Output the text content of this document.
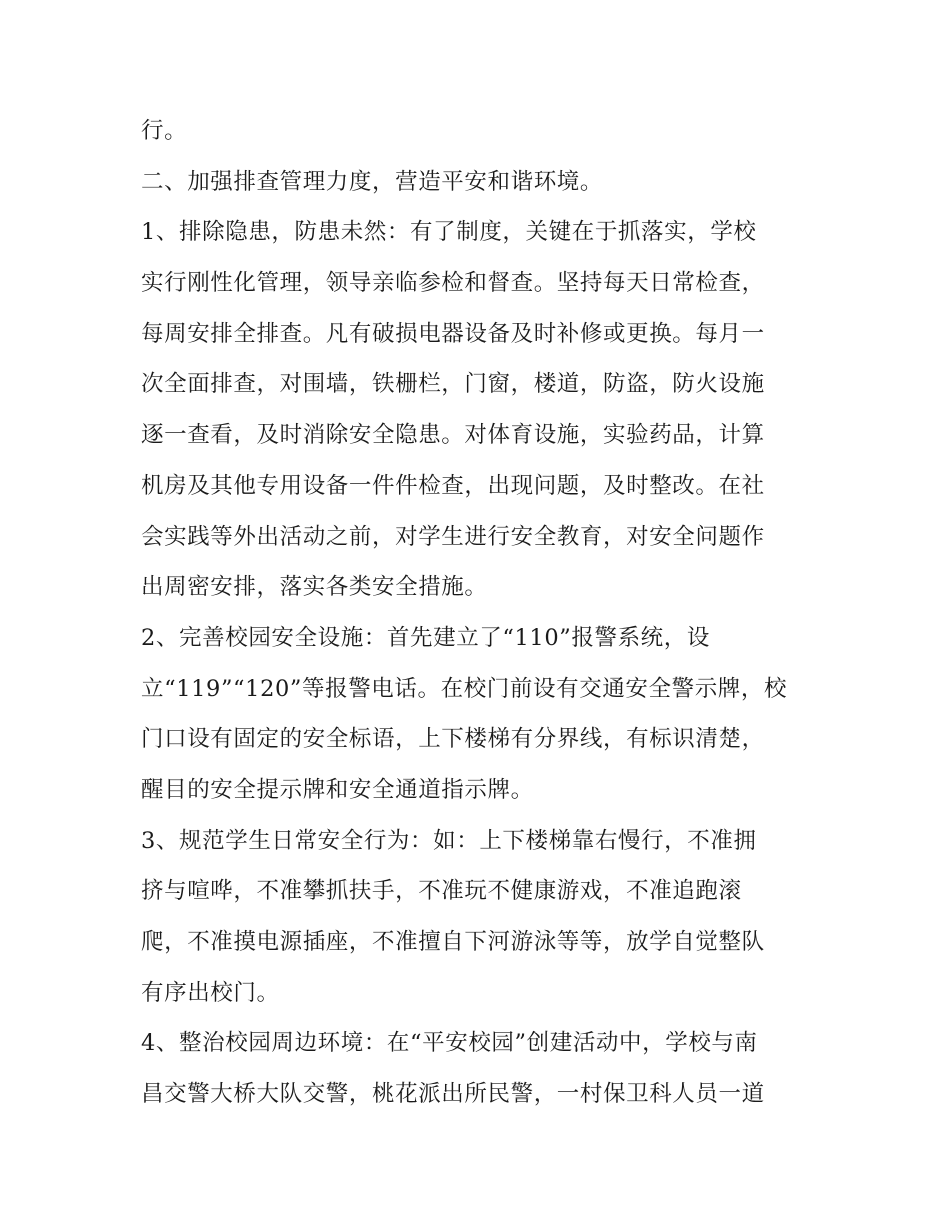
行。
二、加强排查管理力度，营造平安和谐环境。
1、排除隐患，防患未然：有了制度，关键在于抓落实，学校
实行刚性化管理，领导亲临参检和督查。坚持每天日常检查，
每周安排全排查。凡有破损电器设备及时补修或更换。每月一
次全面排查，对围墙，铁栅栏，门窗，楼道，防盗，防火设施
逐一查看，及时消除安全隐患。对体育设施，实验药品，计算
机房及其他专用设备一件件检查，出现问题，及时整改。在社
会实践等外出活动之前，对学生进行安全教育，对安全问题作
出周密安排，落实各类安全措施。
2、完善校园安全设施：首先建立了“110”报警系统，设
立“119”“120”等报警电话。在校门前设有交通安全警示牌，校
门口设有固定的安全标语，上下楼梯有分界线，有标识清楚，
醒目的安全提示牌和安全通道指示牌。
3、规范学生日常安全行为：如：上下楼梯靠右慢行，不准拥
挤与喧哗，不准攀抓扶手，不准玩不健康游戏，不准追跑滚
爬，不准摸电源插座，不准擅自下河游泳等等，放学自觉整队
有序出校门。
4、整治校园周边环境：在“平安校园”创建活动中，学校与南
昌交警大桥大队交警，桃花派出所民警，一村保卫科人员一道
